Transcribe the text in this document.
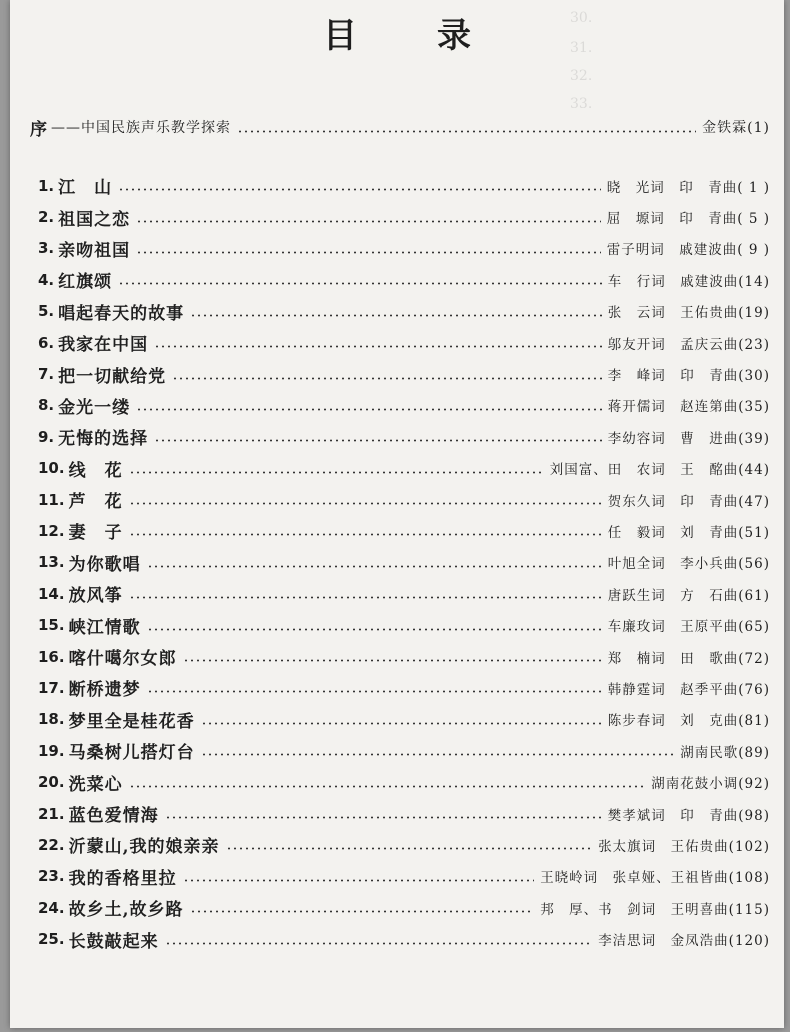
30.
31.
32.
33.
目 录
序 ——中国民族声乐教学探索	金铁霖(1)
1. 江　山	晓　光词　印　青曲( 1 )
2. 祖国之恋	屈　塬词　印　青曲( 5 )
3. 亲吻祖国	雷子明词　戚建波曲( 9 )
4. 红旗颂	车　行词　戚建波曲(14)
5. 唱起春天的故事	张　云词　王佑贵曲(19)
6. 我家在中国	邬友开词　孟庆云曲(23)
7. 把一切献给党	李　峰词　印　青曲(30)
8. 金光一缕	蒋开儒词　赵连第曲(35)
9. 无悔的选择	李幼容词　曹　进曲(39)
10. 线　花	刘国富、田　农词　王　酩曲(44)
11. 芦　花	贺东久词　印　青曲(47)
12. 妻　子	任　毅词　刘　青曲(51)
13. 为你歌唱	叶旭全词　李小兵曲(56)
14. 放风筝	唐跃生词　方　石曲(61)
15. 峡江情歌	车廉玫词　王原平曲(65)
16. 喀什噶尔女郎	郑　楠词　田　歌曲(72)
17. 断桥遗梦	韩静霆词　赵季平曲(76)
18. 梦里全是桂花香	陈步春词　刘　克曲(81)
19. 马桑树儿搭灯台	湖南民歌(89)
20. 洗菜心	湖南花鼓小调(92)
21. 蓝色爱情海	樊孝斌词　印　青曲(98)
22. 沂蒙山,我的娘亲亲	张太旗词　王佑贵曲(102)
23. 我的香格里拉	王晓岭词　张卓娅、王祖皆曲(108)
24. 故乡土,故乡路	邦　厚、书　剑词　王明喜曲(115)
25. 长鼓敲起来	李洁思词　金凤浩曲(120)
